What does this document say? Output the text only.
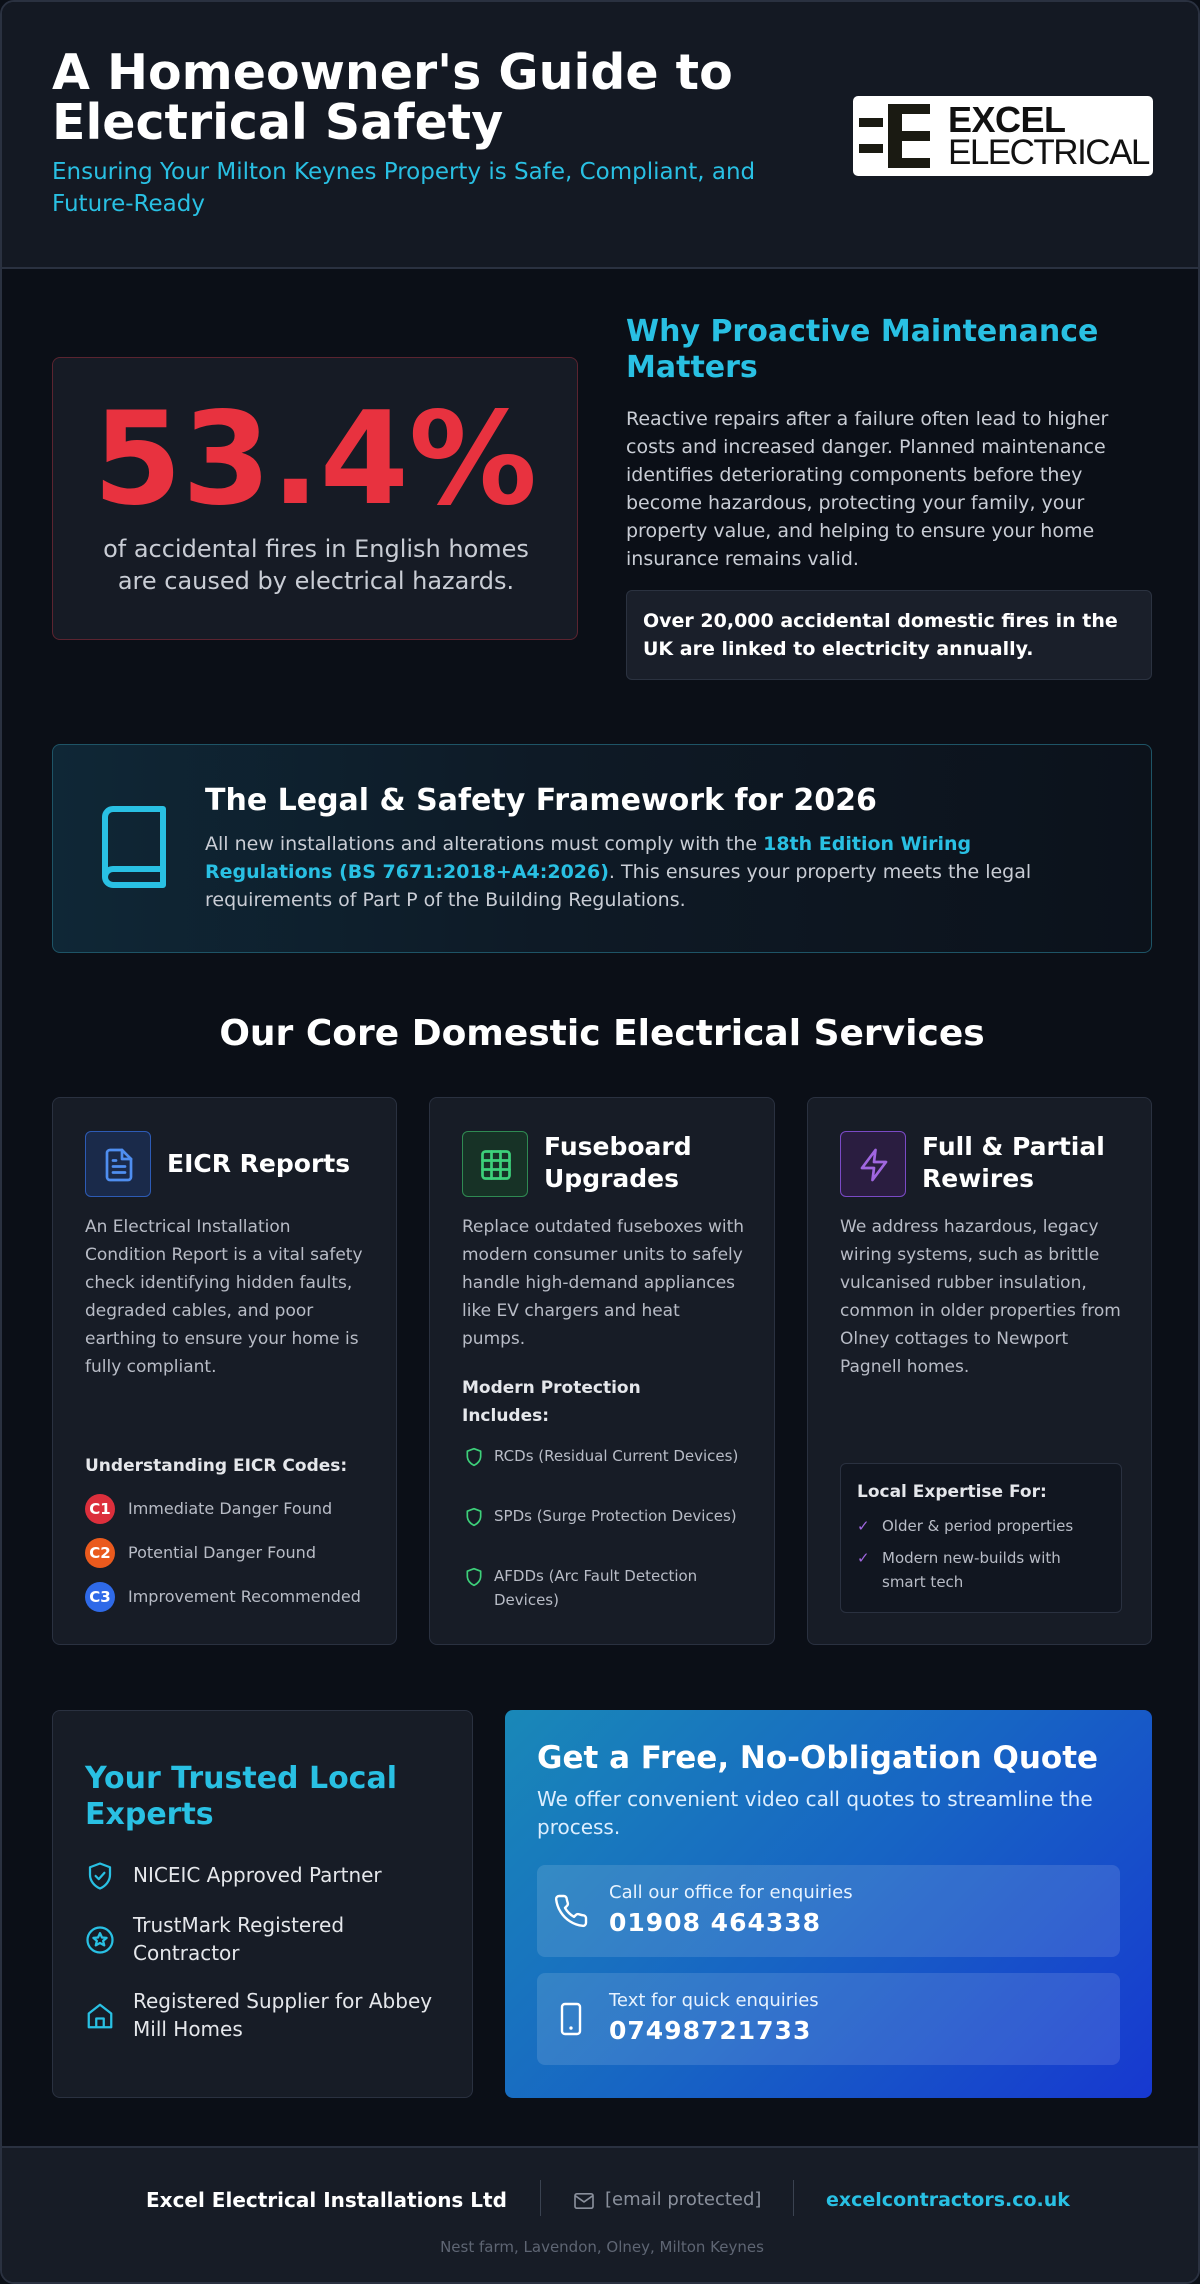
A Homeowner's Guide to Electrical Safety
Ensuring Your Milton Keynes Property is Safe, Compliant, and Future-Ready
EXCEL
ELECTRICAL
53.4%
of accidental fires in English homes are caused by electrical hazards.
Why Proactive Maintenance Matters
Reactive repairs after a failure often lead to higher costs and increased danger. Planned maintenance identifies deteriorating components before they become hazardous, protecting your family, your property value, and helping to ensure your home insurance remains valid.
Over 20,000 accidental domestic fires in the UK are linked to electricity annually.
The Legal & Safety Framework for 2026
All new installations and alterations must comply with the 18th Edition Wiring Regulations (BS 7671:2018+A4:2026). This ensures your property meets the legal requirements of Part P of the Building Regulations.
Our Core Domestic Electrical Services
EICR Reports
An Electrical Installation Condition Report is a vital safety check identifying hidden faults, degraded cables, and poor earthing to ensure your home is fully compliant.
Understanding EICR Codes:
C1 Immediate Danger Found
C2 Potential Danger Found
C3 Improvement Recommended
Fuseboard Upgrades
Replace outdated fuseboxes with modern consumer units to safely handle high-demand appliances like EV chargers and heat pumps.
Modern Protection Includes:
RCDs (Residual Current Devices)
SPDs (Surge Protection Devices)
AFDDs (Arc Fault Detection Devices)
Full & Partial Rewires
We address hazardous, legacy wiring systems, such as brittle vulcanised rubber insulation, common in older properties from Olney cottages to Newport Pagnell homes.
Local Expertise For:
✓ Older & period properties
✓ Modern new-builds with smart tech
Your Trusted Local Experts
NICEIC Approved Partner
TrustMark Registered Contractor
Registered Supplier for Abbey Mill Homes
Get a Free, No-Obligation Quote
We offer convenient video call quotes to streamline the process.
Call our office for enquiries
01908 464338
Text for quick enquiries
07498721733
Excel Electrical Installations Ltd	[email protected]	excelcontractors.co.uk
Nest farm, Lavendon, Olney, Milton Keynes
